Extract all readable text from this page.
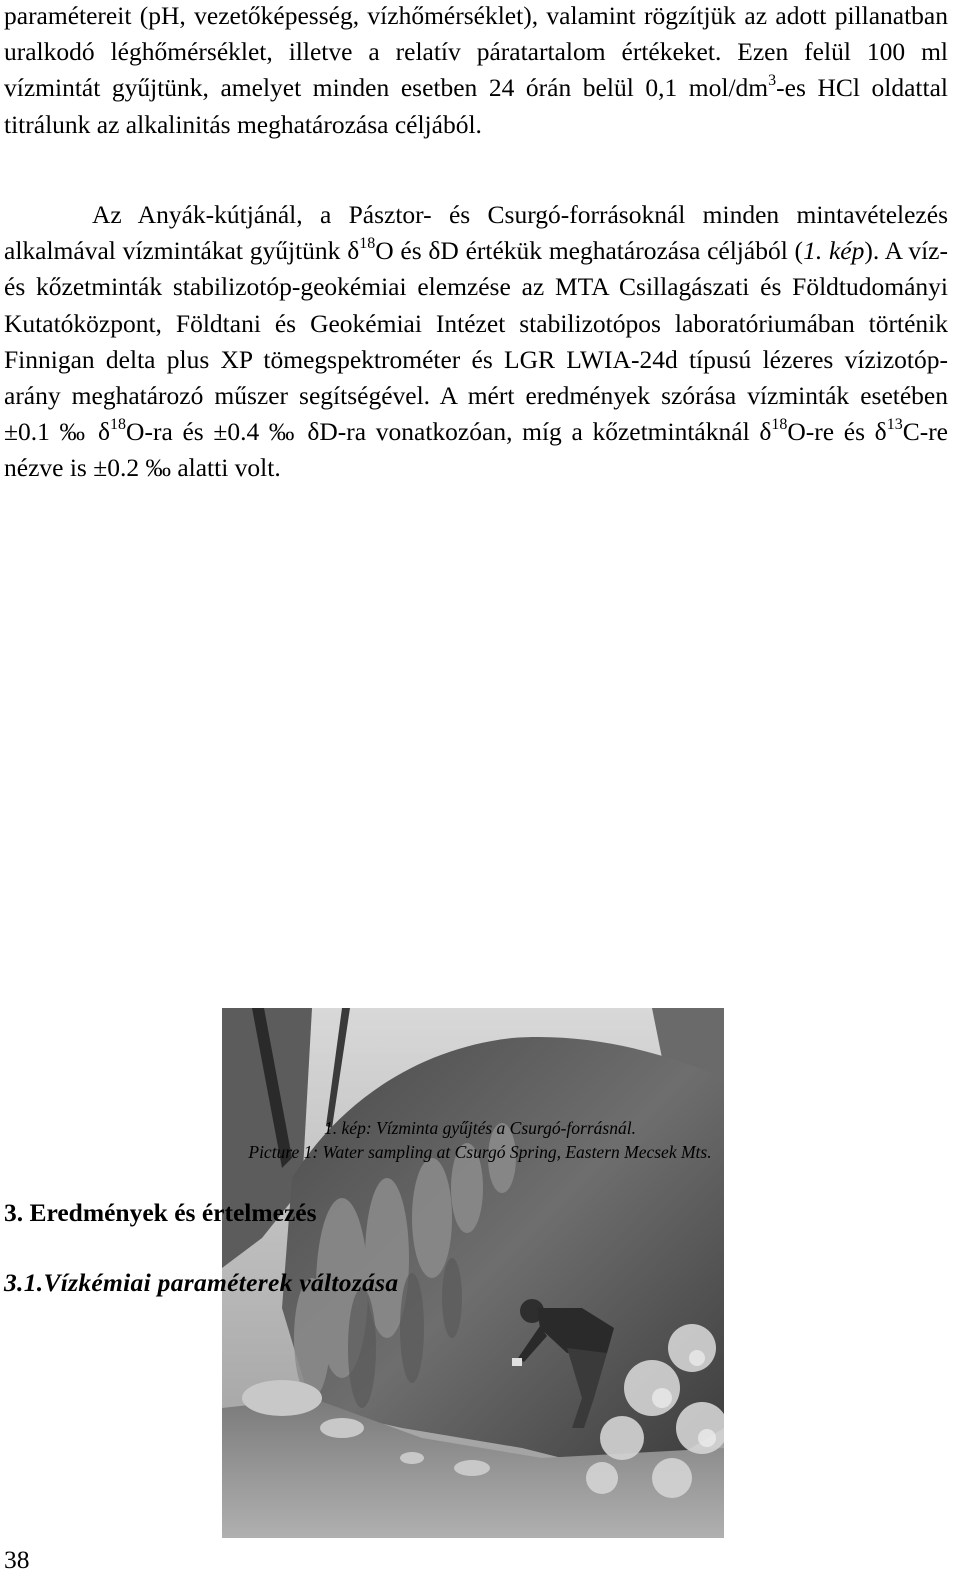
paramétereit (pH, vezetőképesség, vízhőmérséklet), valamint rögzítjük az adott pillanatban uralkodó léghőmérséklet, illetve a relatív páratartalom értékeket. Ezen felül 100 ml vízmintát gyűjtünk, amelyet minden esetben 24 órán belül 0,1 mol/$dm^3-es$ HCl oldattal titrálunk az alkalinitás meghatározása céljából.

Az Anyák-kútjánál, a Pásztor- és Csurgó-forrásoknál minden mintavételezés alkalmával vízmintákat gyűjtünk $\delta^{18}O$ és δD értékük meghatározása céljából (1. kép). A víz- és kőzetminták stabilizotóp-geokémiai elemzése az MTA Csillagászati és Földtudományi Kutatóközpont, Földtani és Geokémiai Intézet stabilizotópos laboratóriumában történik Finnigan delta plus XP tömegspektrométer és LGR LWIA-24d típusú lézeres vízizotóp-arány meghatározó műszer segítségével. A mért eredmények szórása vízminták esetében ±0.1 ‰ $\delta^{18}O-ra$ és ±0.4 ‰ δD-ra vonatkozóan, míg a kőzetmintáknál $\delta^{18}O-re$ és $\delta^{13}C-re$ nézve is ±0.2 ‰ alatti volt.

1. kép: Vízminta gyűjtés a Csurgó-forrásnál.

Picture 1: Water sampling at Csurgó Spring, Eastern Mecsek Mts.

3. Eredmények és értelmezés
3.1.Vízkémiai paraméterek változása

38
